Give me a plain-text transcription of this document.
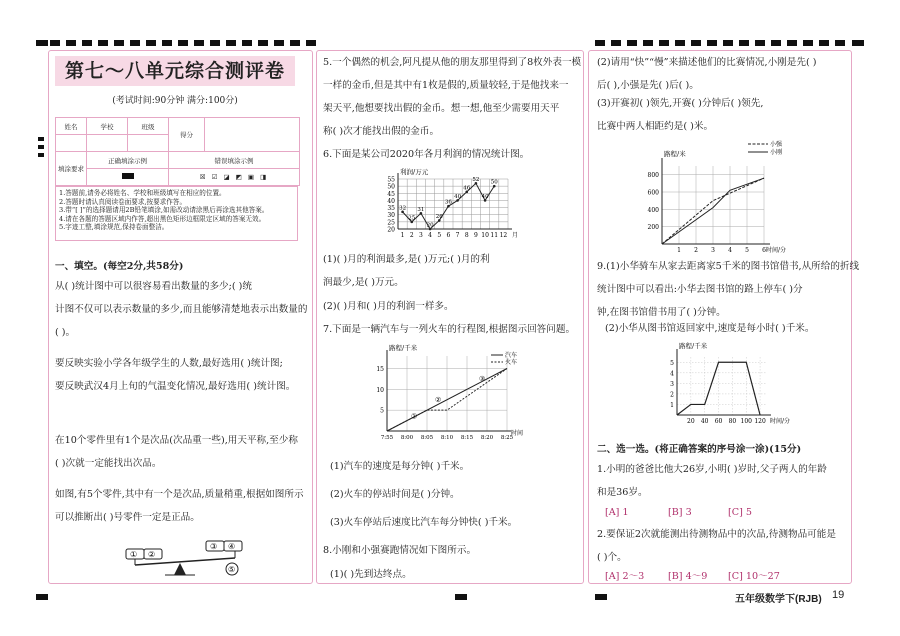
第七～八单元综合测评卷
(考试时间:90分钟 满分:100分)
姓名	学校	班级	得分	

填涂要求	正确填涂示例		错误填涂示例	
			☒ ☑ ◪ ◩ ▣ ◨	
1.答题前,请务必将姓名、学校和班级填写在相应的位置。
2.答题时请认真阅读卷面要求,按要求作答。
3.带“[ ]”的选择题请用2B铅笔填涂,如需改动请涂黑后再涂选其他答案。
4.请在各题的答题区域内作答,超出黑色矩形边框限定区域的答案无效。
5.字迹工整,填涂规范,保持卷面整洁。
一、填空。(每空2分,共58分)
从( )统计图中可以很容易看出数量的多少;( )统
计图不仅可以表示数量的多少,而且能够清楚地表示出数量的
( )。
要反映实验小学各年级学生的人数,最好选用( )统计图;
要反映武汉4月上旬的气温变化情况,最好选用( )统计图。
在10个零件里有1个是次品(次品重一些),用天平称,至少称
( )次就一定能找出次品。
如图,有5个零件,其中有一个是次品,质量稍重,根据如图所示
可以推断出( )号零件一定是正品。
① ②
③ ④
⑤
5.一个偶然的机会,阿凡提从他的朋友那里得到了8枚外表一模
一样的金币,但是其中有1枚是假的,质量较轻,于是他找来一
架天平,他想要找出假的金币。想一想,他至少需要用天平
称( )次才能找出假的金币。
6.下面是某公司2020年各月利润的情况统计图。
20
25
30
35
40
45
50
55
1 2 3 4 5 6 7 8 9 10 11 12 月
利润/万元
32
25
31
20
26
36
40
46
52
40
50
(1)( )月的利润最多,是( )万元;( )月的利
润最少,是( )万元。
(2)( )月和( )月的利润一样多。
7.下面是一辆汽车与一列火车的行程图,根据图示回答问题。
5
10
15
7:55 8:00 8:05 8:10 8:15 8:20 8:25
时间
路程/千米
汽车
火车
①
②
③
(1)汽车的速度是每分钟( )千米。
(2)火车的停站时间是( )分钟。
(3)火车停站后速度比汽车每分钟快( )千米。
8.小刚和小强赛跑情况如下图所示。
(1)( )先到达终点。
(2)请用“快”“慢”来描述他们的比赛情况,小刚是先( )
后( ),小强是先( )后( )。
(3)开赛初( )领先,开赛( )分钟后( )领先,
比赛中两人相距约是( )米。
200
400
600
800
1 2 3 4 5 6 时间/分
路程/米
小强
小刚
9.(1)小华骑车从家去距离家5千米的图书馆借书,从所给的折线
统计图中可以看出:小华去图书馆的路上停车( )分
钟,在图书馆借书用了( )分钟。
(2)小华从图书馆返回家中,速度是每小时( )千米。
1
2
3
4
5
20 40 60 80 100 120 时间/分
路程/千米
二、选一选。(将正确答案的序号涂一涂)(15分)
1.小明的爸爸比他大26岁,小明( )岁时,父子两人的年龄
和是36岁。
[A] 1	[B] 3	[C] 5
2.要保证2次就能测出待测物品中的次品,待测物品可能是
( )个。
[A] 2～3 [B] 4～9 [C] 10～27
五年级数学下(RJB) 19
